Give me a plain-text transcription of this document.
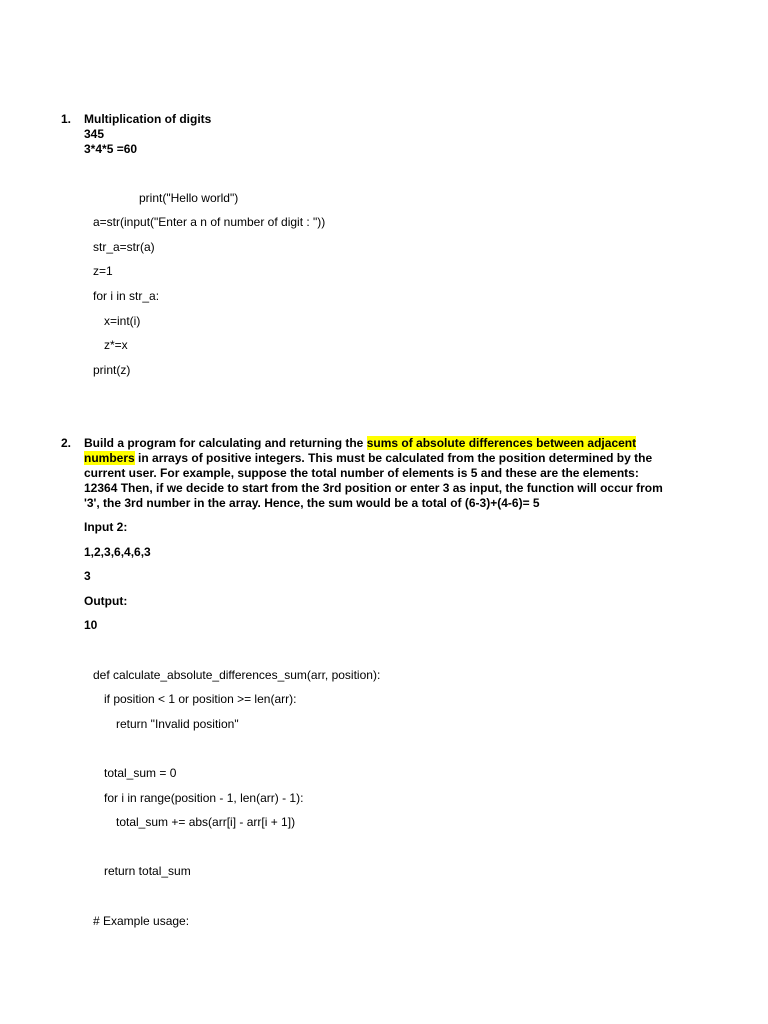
1. Multiplication of digits
345
3*4*5 =60
print("Hello world")
a=str(input("Enter a n of number of digit : "))
str_a=str(a)
z=1
for i in str_a:
x=int(i)
z*=x
print(z)
2. Build a program for calculating and returning the sums of absolute differences between adjacent numbers in arrays of positive integers. This must be calculated from the position determined by the current user. For example, suppose the total number of elements is 5 and these are the elements: 12364 Then, if we decide to start from the 3rd position or enter 3 as input, the function will occur from '3', the 3rd number in the array. Hence, the sum would be a total of (6-3)+(4-6)= 5
Input 2:
1,2,3,6,4,6,3
3
Output:
10
def calculate_absolute_differences_sum(arr, position):
if position < 1 or position >= len(arr):
return "Invalid position"
total_sum = 0
for i in range(position - 1, len(arr) - 1):
total_sum += abs(arr[i] - arr[i + 1])
return total_sum
# Example usage:
